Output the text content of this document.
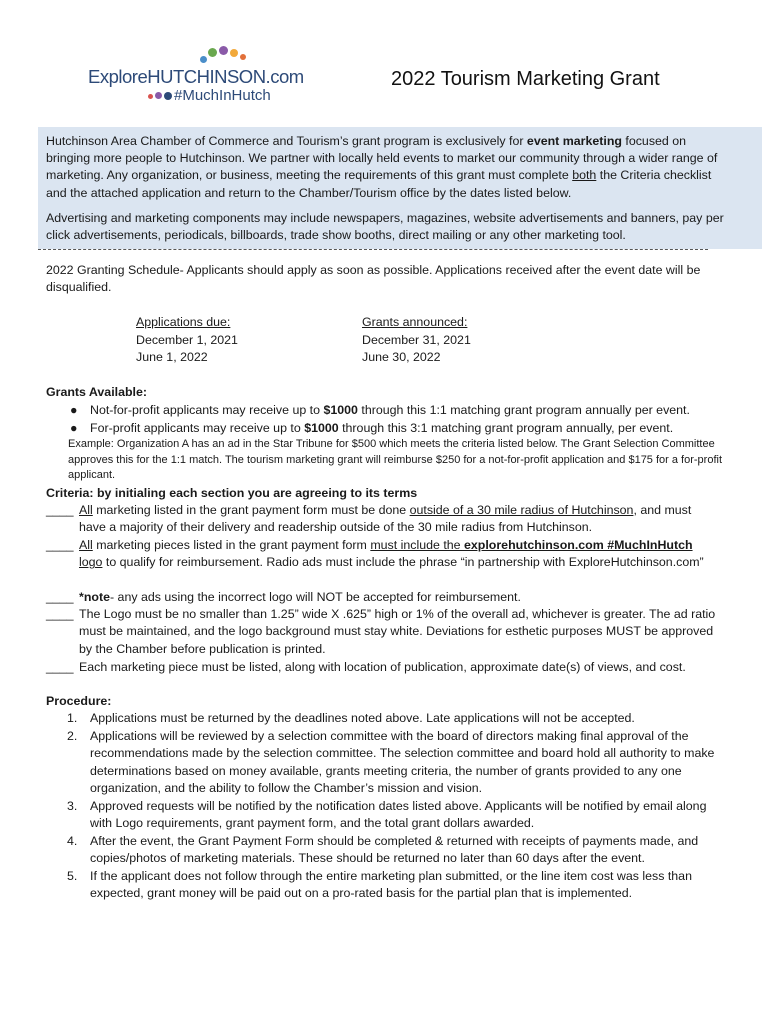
ExploreHUTCHINSON.com
#MuchInHutch
2022 Tourism Marketing Grant

Hutchinson Area Chamber of Commerce and Tourism’s grant program is exclusively for event marketing focused on bringing more people to Hutchinson. We partner with locally held events to market our community through a wider range of marketing. Any organization, or business, meeting the requirements of this grant must complete both the Criteria checklist and the attached application and return to the Chamber/Tourism office by the dates listed below.

Advertising and marketing components may include newspapers, magazines, website advertisements and banners, pay per click advertisements, periodicals, billboards, trade show booths, direct mailing or any other marketing tool.

2022 Granting Schedule- Applicants should apply as soon as possible. Applications received after the event date will be disqualified.

Applications due:
December 1, 2021
June 1, 2022
Grants announced:
December 31, 2021
June 30, 2022
Grants Available:
● Not-for-profit applicants may receive up to $1000 through this 1:1 matching grant program annually per event.
● For-profit applicants may receive up to $1000 through this 3:1 matching grant program annually, per event.
Example: Organization A has an ad in the Star Tribune for $500 which meets the criteria listed below. The Grant Selection Committee approves this for the 1:1 match. The tourism marketing grant will reimburse $250 for a not-for-profit application and $175 for a for-profit applicant.
Criteria: by initialing each section you are agreeing to its terms
____ All marketing listed in the grant payment form must be done outside of a 30 mile radius of Hutchinson, and must have a majority of their delivery and readership outside of the 30 mile radius from Hutchinson.
____ All marketing pieces listed in the grant payment form must include the explorehutchinson.com #MuchInHutch logo to qualify for reimbursement. Radio ads must include the phrase “in partnership with ExploreHutchinson.com”
____ *note- any ads using the incorrect logo will NOT be accepted for reimbursement.
____ The Logo must be no smaller than 1.25” wide X .625” high or 1% of the overall ad, whichever is greater. The ad ratio must be maintained, and the logo background must stay white. Deviations for esthetic purposes MUST be approved by the Chamber before publication is printed.
____ Each marketing piece must be listed, along with location of publication, approximate date(s) of views, and cost.
Procedure:
1. Applications must be returned by the deadlines noted above. Late applications will not be accepted.
2. Applications will be reviewed by a selection committee with the board of directors making final approval of the recommendations made by the selection committee. The selection committee and board hold all authority to make determinations based on money available, grants meeting criteria, the number of grants provided to any one organization, and the ability to follow the Chamber’s mission and vision.
3. Approved requests will be notified by the notification dates listed above. Applicants will be notified by email along with Logo requirements, grant payment form, and the total grant dollars awarded.
4. After the event, the Grant Payment Form should be completed & returned with receipts of payments made, and copies/photos of marketing materials. These should be returned no later than 60 days after the event.
5. If the applicant does not follow through the entire marketing plan submitted, or the line item cost was less than expected, grant money will be paid out on a pro-rated basis for the partial plan that is implemented.
